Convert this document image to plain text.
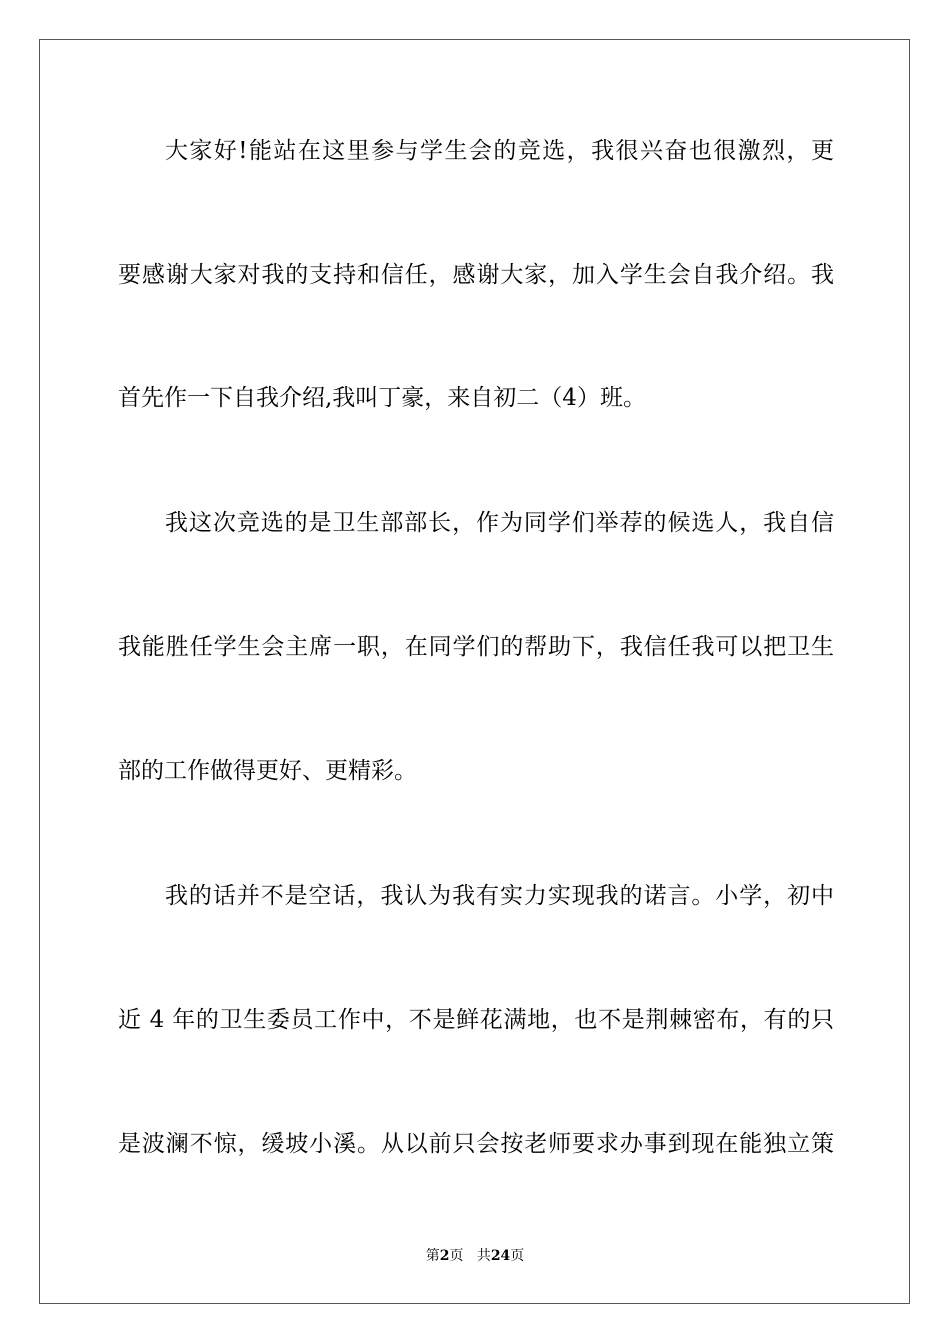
大家好!能站在这里参与学生会的竞选，我很兴奋也很激烈，更
要感谢大家对我的支持和信任，感谢大家，加入学生会自我介绍。我
首先作一下自我介绍,我叫丁豪，来自初二（4）班。
我这次竞选的是卫生部部长，作为同学们举荐的候选人，我自信
我能胜任学生会主席一职，在同学们的帮助下，我信任我可以把卫生
部的工作做得更好、更精彩。
我的话并不是空话，我认为我有实力实现我的诺言。小学，初中
近 4 年的卫生委员工作中，不是鲜花满地，也不是荆棘密布，有的只
是波澜不惊，缓坡小溪。从以前只会按老师要求办事到现在能独立策
第2页 共24页
